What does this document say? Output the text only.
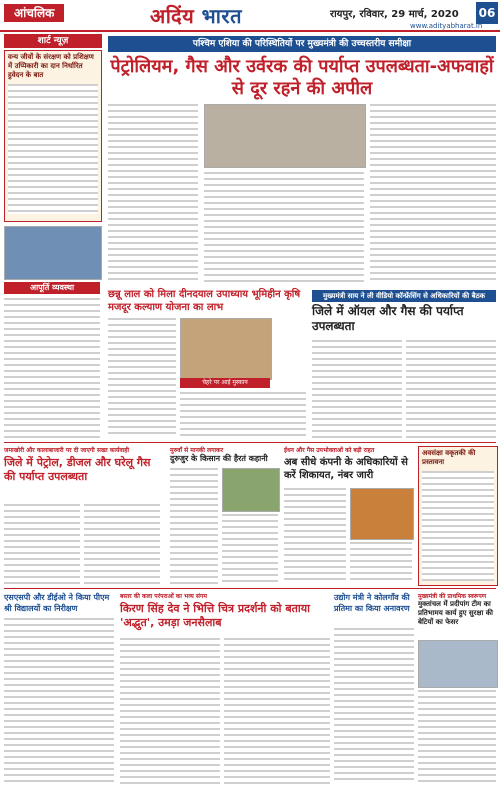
आंचलिक	अदिंय भारत	रायपुर, रविवार, 29 मार्च, 2020 06
www.adityabharat.in
शार्ट न्यूज़
वन्य जीवों के संरक्षण को प्रशिक्षण में उप्पिकारी का दान निर्धारित हुवेदन के बात
आपूर्ति व्यवस्था
पश्चिम एशिया की परिस्थितियों पर मुख्यमंत्री की उच्चस्तरीय समीक्षा
पेट्रोलियम, गैस और उर्वरक की पर्याप्त उपलब्धता-अफवाहों से दूर रहने की अपील
छन्नू लाल को मिला दीनदयाल उपाध्याय भूमिहीन कृषि मजदूर कल्याण योजना का लाभ
चेहरे पर आई मुस्कान
मुख्यमंत्री साय ने ली वीडियो कॉन्फ्रेंसिंग से अधिकारियों की बैठक
जिले में ऑयल और गैस की पर्याप्त उपलब्धता
जमाखोरी और कालाबाजारी पर दी जाएगी सख्त कार्यवाही
जिले में पेट्रोल, डीजल और घरेलू गैस की पर्याप्त उपलब्धता
मुरुवाँ से मानकी लगाकर
दुरुजुर के किसान की हैरतं कहानी
ईंधन और गैस उपभोक्ताओं को बड़ी राहत
अब सीधे कंपनी के अधिकारियों से करें शिकायत, नंबर जारी
अवसंक्षा वकृतकी की प्रस्तावना
एसएसपी और डीईओ ने किया पीएम श्री विद्यालयों का निरीक्षण
बस्तर की कला परंपराओं का भव्य संगम
किरण सिंह देव ने भित्ति चित्र प्रदर्शनी को बताया 'अद्भुत', उमड़ा जनसैलाब
उद्योग मंत्री ने कोलगाँव की प्रतिमा का किया अनावरण
मुख्यमंत्री की प्राथमिक स्वरूपण
मुक्तांचल में प्रदीपांग टीम का प्रतिभामय कार्य हुए सुरक्षा की बेटियों का फेसर
